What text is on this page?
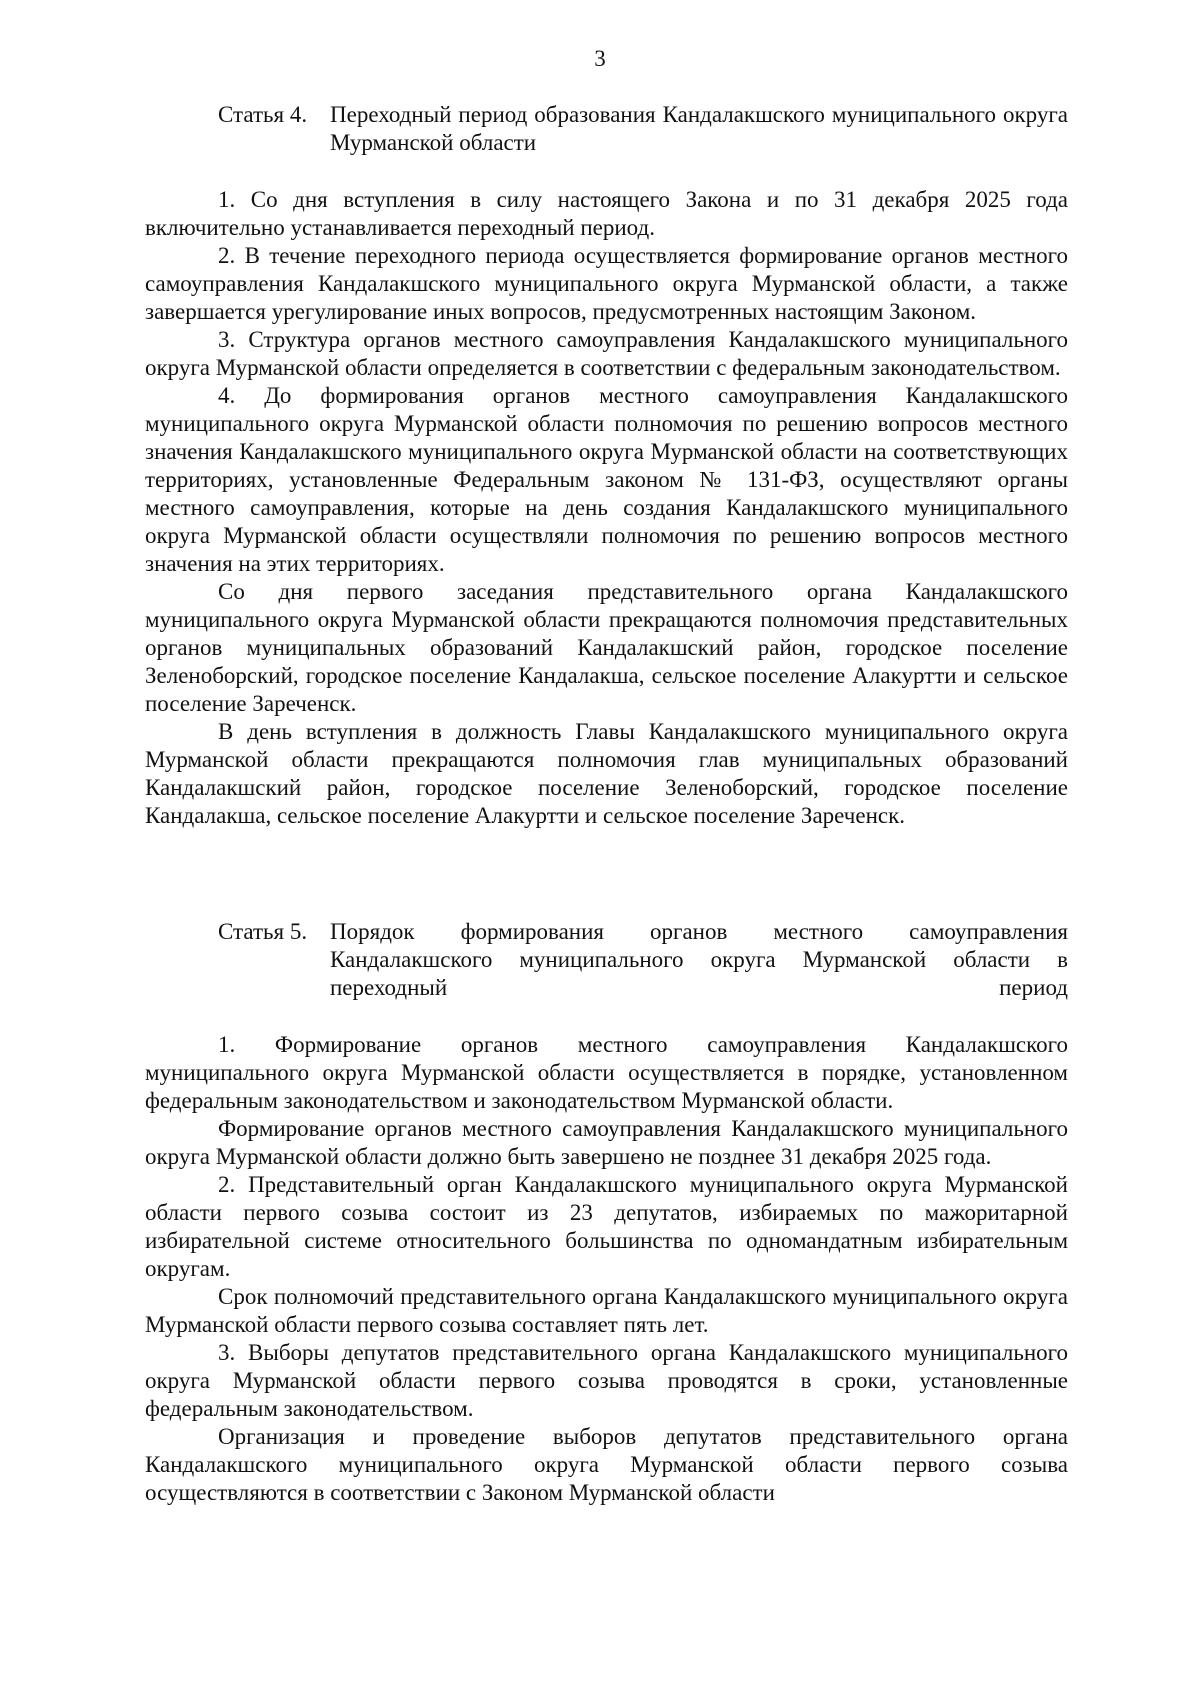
3
Статья 4. Переходный период образования Кандалакшского муниципального округа Мурманской области

1. Со дня вступления в силу настоящего Закона и по 31 декабря 2025 года включительно устанавливается переходный период.

2. В течение переходного периода осуществляется формирование органов местного самоуправления Кандалакшского муниципального округа Мурманской области, а также завершается урегулирование иных вопросов, предусмотренных настоящим Законом.

3. Структура органов местного самоуправления Кандалакшского муниципального округа Мурманской области определяется в соответствии с федеральным законодательством.

4. До формирования органов местного самоуправления Кандалакшского муниципального округа Мурманской области полномочия по решению вопросов местного значения Кандалакшского муниципального округа Мурманской области на соответствующих территориях, установленные Федеральным законом № 131-ФЗ, осуществляют органы местного самоуправления, которые на день создания Кандалакшского муниципального округа Мурманской области осуществляли полномочия по решению вопросов местного значения на этих территориях.

Со дня первого заседания представительного органа Кандалакшского муниципального округа Мурманской области прекращаются полномочия представительных органов муниципальных образований Кандалакшский район, городское поселение Зеленоборский, городское поселение Кандалакша, сельское поселение Алакуртти и сельское поселение Зареченск.

В день вступления в должность Главы Кандалакшского муниципального округа Мурманской области прекращаются полномочия глав муниципальных образований Кандалакшский район, городское поселение Зеленоборский, городское поселение Кандалакша, сельское поселение Алакуртти и сельское поселение Зареченск.

Статья 5. Порядок формирования органов местного самоуправления Кандалакшского муниципального округа Мурманской области в переходный период

1. Формирование органов местного самоуправления Кандалакшского муниципального округа Мурманской области осуществляется в порядке, установленном федеральным законодательством и законодательством Мурманской области.

Формирование органов местного самоуправления Кандалакшского муниципального округа Мурманской области должно быть завершено не позднее 31 декабря 2025 года.

2. Представительный орган Кандалакшского муниципального округа Мурманской области первого созыва состоит из 23 депутатов, избираемых по мажоритарной избирательной системе относительного большинства по одномандатным избирательным округам.

Срок полномочий представительного органа Кандалакшского муниципального округа Мурманской области первого созыва составляет пять лет.

3. Выборы депутатов представительного органа Кандалакшского муниципального округа Мурманской области первого созыва проводятся в сроки, установленные федеральным законодательством.

Организация и проведение выборов депутатов представительного органа Кандалакшского муниципального округа Мурманской области первого созыва осуществляются в соответствии с Законом Мурманской области
